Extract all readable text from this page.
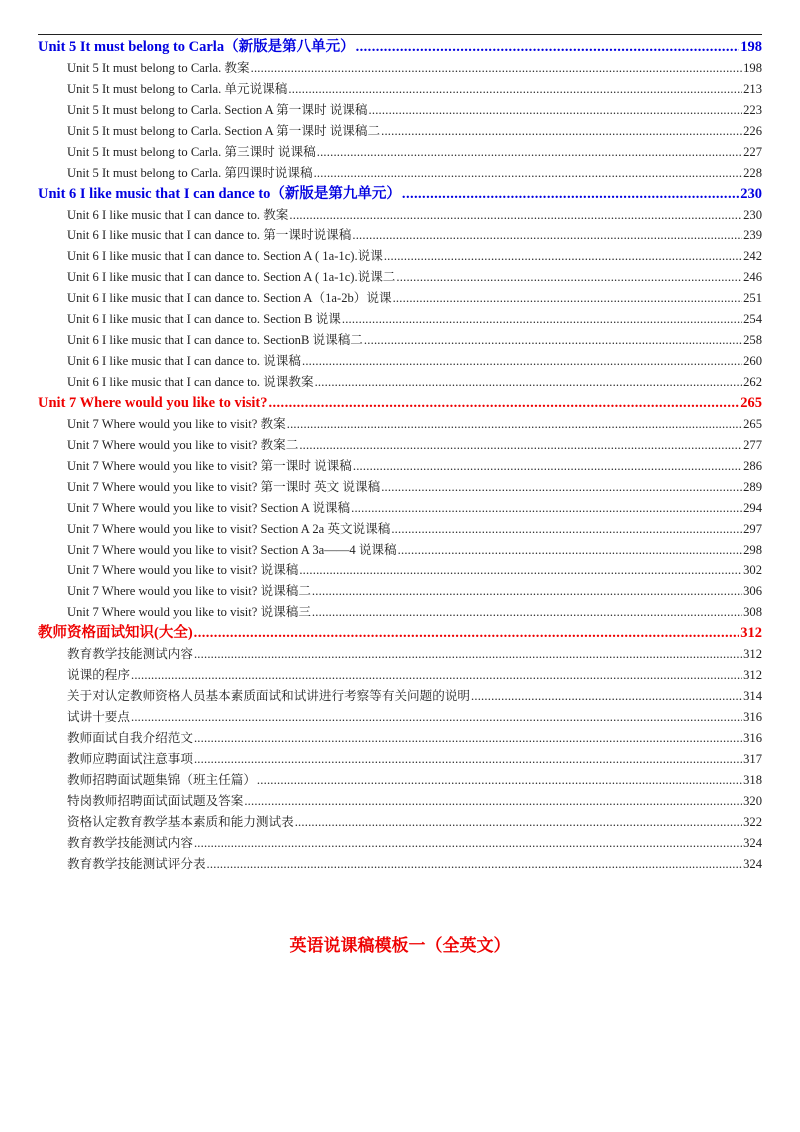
Unit 5 It must belong to Carla（新版是第八单元） .....	198
Unit 5 It must belong to Carla. 教案 .....	198
Unit 5 It must belong to Carla. 单元说课稿 .....	213
Unit 5 It must belong to Carla. Section A 第一课时 说课稿 .....	223
Unit 5 It must belong to Carla. Section A 第一课时 说课稿二 .....	226
Unit 5 It must belong to Carla. 第三课时 说课稿 .....	227
Unit 5 It must belong to Carla. 第四课时说课稿 .....	228
Unit 6 I like music that I can dance to（新版是第九单元） .....	230
Unit 6 I like music that I can dance to. 教案 .....	230
Unit 6 I like music that I can dance to. 第一课时说课稿 .....	239
Unit 6 I like music that I can dance to. Section A ( 1a-1c).说课 .....	242
Unit 6 I like music that I can dance to. Section A ( 1a-1c).说课二 .....	246
Unit 6 I like music that I can dance to. Section A（1a-2b）说课 .....	251
Unit 6 I like music that I can dance to. Section B 说课 .....	254
Unit 6 I like music that I can dance to. SectionB 说课稿二 .....	258
Unit 6 I like music that I can dance to. 说课稿 .....	260
Unit 6 I like music that I can dance to. 说课教案 .....	262
Unit 7 Where would you like to visit? .....	265
Unit 7 Where would you like to visit? 教案 .....	265
Unit 7 Where would you like to visit? 教案二 .....	277
Unit 7 Where would you like to visit? 第一课时 说课稿 .....	286
Unit 7 Where would you like to visit? 第一课时 英文 说课稿 .....	289
Unit 7 Where would you like to visit? Section A 说课稿 .....	294
Unit 7 Where would you like to visit? Section A 2a 英文说课稿 .....	297
Unit 7 Where would you like to visit? Section A 3a——4 说课稿 .....	298
Unit 7 Where would you like to visit? 说课稿 .....	302
Unit 7 Where would you like to visit? 说课稿二 .....	306
Unit 7 Where would you like to visit? 说课稿三 .....	308
教师资格面试知识(大全) .....	312
教育教学技能测试内容 .....	312
说课的程序 .....	312
关于对认定教师资格人员基本素质面试和试讲进行考察等有关问题的说明 .....	314
试讲十要点 .....	316
教师面试自我介绍范文 .....	316
教师应聘面试注意事项 .....	317
教师招聘面试题集锦（班主任篇） .....	318
特岗教师招聘面试面试题及答案 .....	320
资格认定教育教学基本素质和能力测试表 .....	322
教育教学技能测试内容 .....	324
教育教学技能测试评分表 .....	324
英语说课稿模板一（全英文）
